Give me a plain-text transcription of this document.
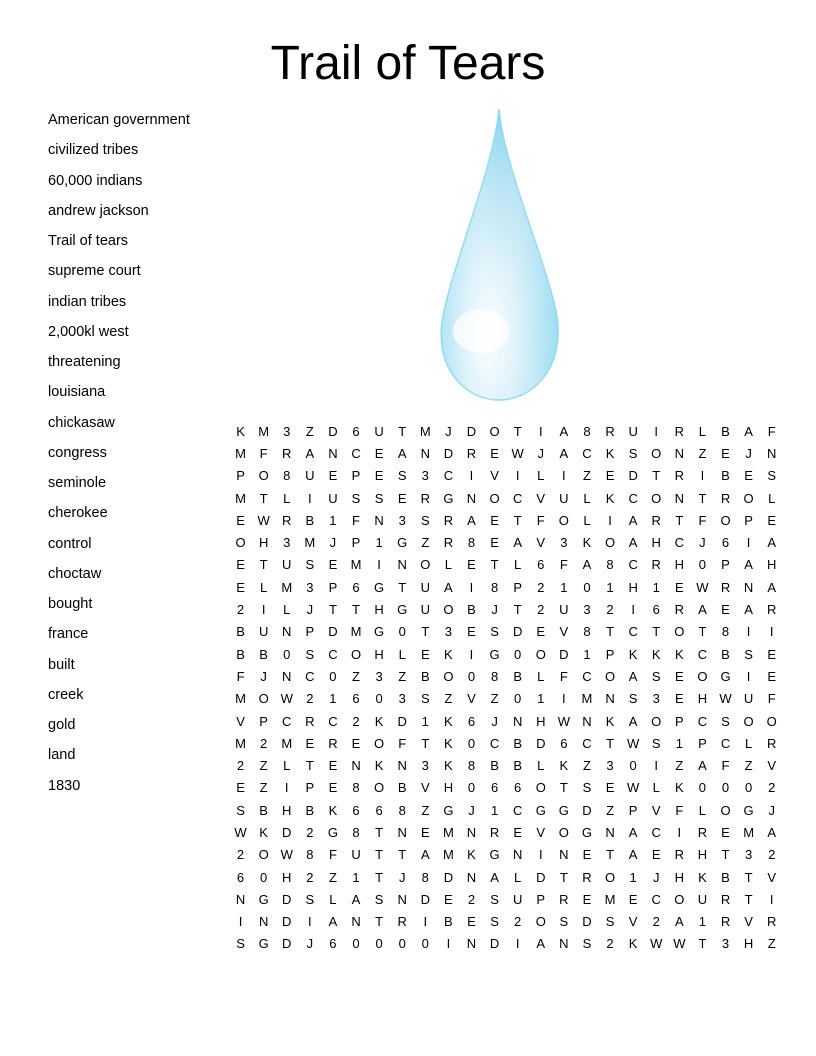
Trail of Tears
American government
civilized tribes
60,000 indians
andrew jackson
Trail of tears
supreme court
indian tribes
2,000kl west
threatening
louisiana
chickasaw
congress
seminole
cherokee
control
choctaw
bought
france
built
creek
gold
land
1830
K	M	3	Z	D	6	U	T	M	J	D	O	T	I	A	8	R	U	I	R	L	B	A	F
M	F	R	A	N	C	E	A	N	D	R	E	W	J	A	C	K	S	O	N	Z	E	J	N
P	O	8	U	E	P	E	S	3	C	I	V	I	L	I	Z	E	D	T	R	I	B	E	S
M	T	L	I	U	S	S	E	R	G	N	O	C	V	U	L	K	C	O	N	T	R	O	L
E	W	R	B	1	F	N	3	S	R	A	E	T	F	O	L	I	A	R	T	F	O	P	E
O	H	3	M	J	P	1	G	Z	R	8	E	A	V	3	K	O	A	H	C	J	6	I	A
E	T	U	S	E	M	I	N	O	L	E	T	L	6	F	A	8	C	R	H	0	P	A	H
E	L	M	3	P	6	G	T	U	A	I	8	P	2	1	0	1	H	1	E	W	R	N	A
2	I	L	J	T	T	H	G	U	O	B	J	T	2	U	3	2	I	6	R	A	E	A	R
B	U	N	P	D	M	G	0	T	3	E	S	D	E	V	8	T	C	T	O	T	8	I	I
B	B	0	S	C	O	H	L	E	K	I	G	0	O	D	1	P	K	K	K	C	B	S	E
F	J	N	C	0	Z	3	Z	B	O	0	8	B	L	F	C	O	A	S	E	O	G	I	E
M	O	W	2	1	6	0	3	S	Z	V	Z	0	1	I	M	N	S	3	E	H	W	U	F
V	P	C	R	C	2	K	D	1	K	6	J	N	H	W	N	K	A	O	P	C	S	O	O
M	2	M	E	R	E	O	F	T	K	0	C	B	D	6	C	T	W	S	1	P	C	L	R
2	Z	L	T	E	N	K	N	3	K	8	B	B	L	K	Z	3	0	I	Z	A	F	Z	V
E	Z	I	P	E	8	O	B	V	H	0	6	6	O	T	S	E	W	L	K	0	0	0	2
S	B	H	B	K	6	6	8	Z	G	J	1	C	G	G	D	Z	P	V	F	L	O	G	J
W	K	D	2	G	8	T	N	E	M	N	R	E	V	O	G	N	A	C	I	R	E	M	A
2	O	W	8	F	U	T	T	A	M	K	G	N	I	N	E	T	A	E	R	H	T	3	2
6	0	H	2	Z	1	T	J	8	D	N	A	L	D	T	R	O	1	J	H	K	B	T	V
N	G	D	S	L	A	S	N	D	E	2	S	U	P	R	E	M	E	C	O	U	R	T	I
I	N	D	I	A	N	T	R	I	B	E	S	2	O	S	D	S	V	2	A	1	R	V	R
S	G	D	J	6	0	0	0	0	I	N	D	I	A	N	S	2	K	W	W	T	3	H	Z
